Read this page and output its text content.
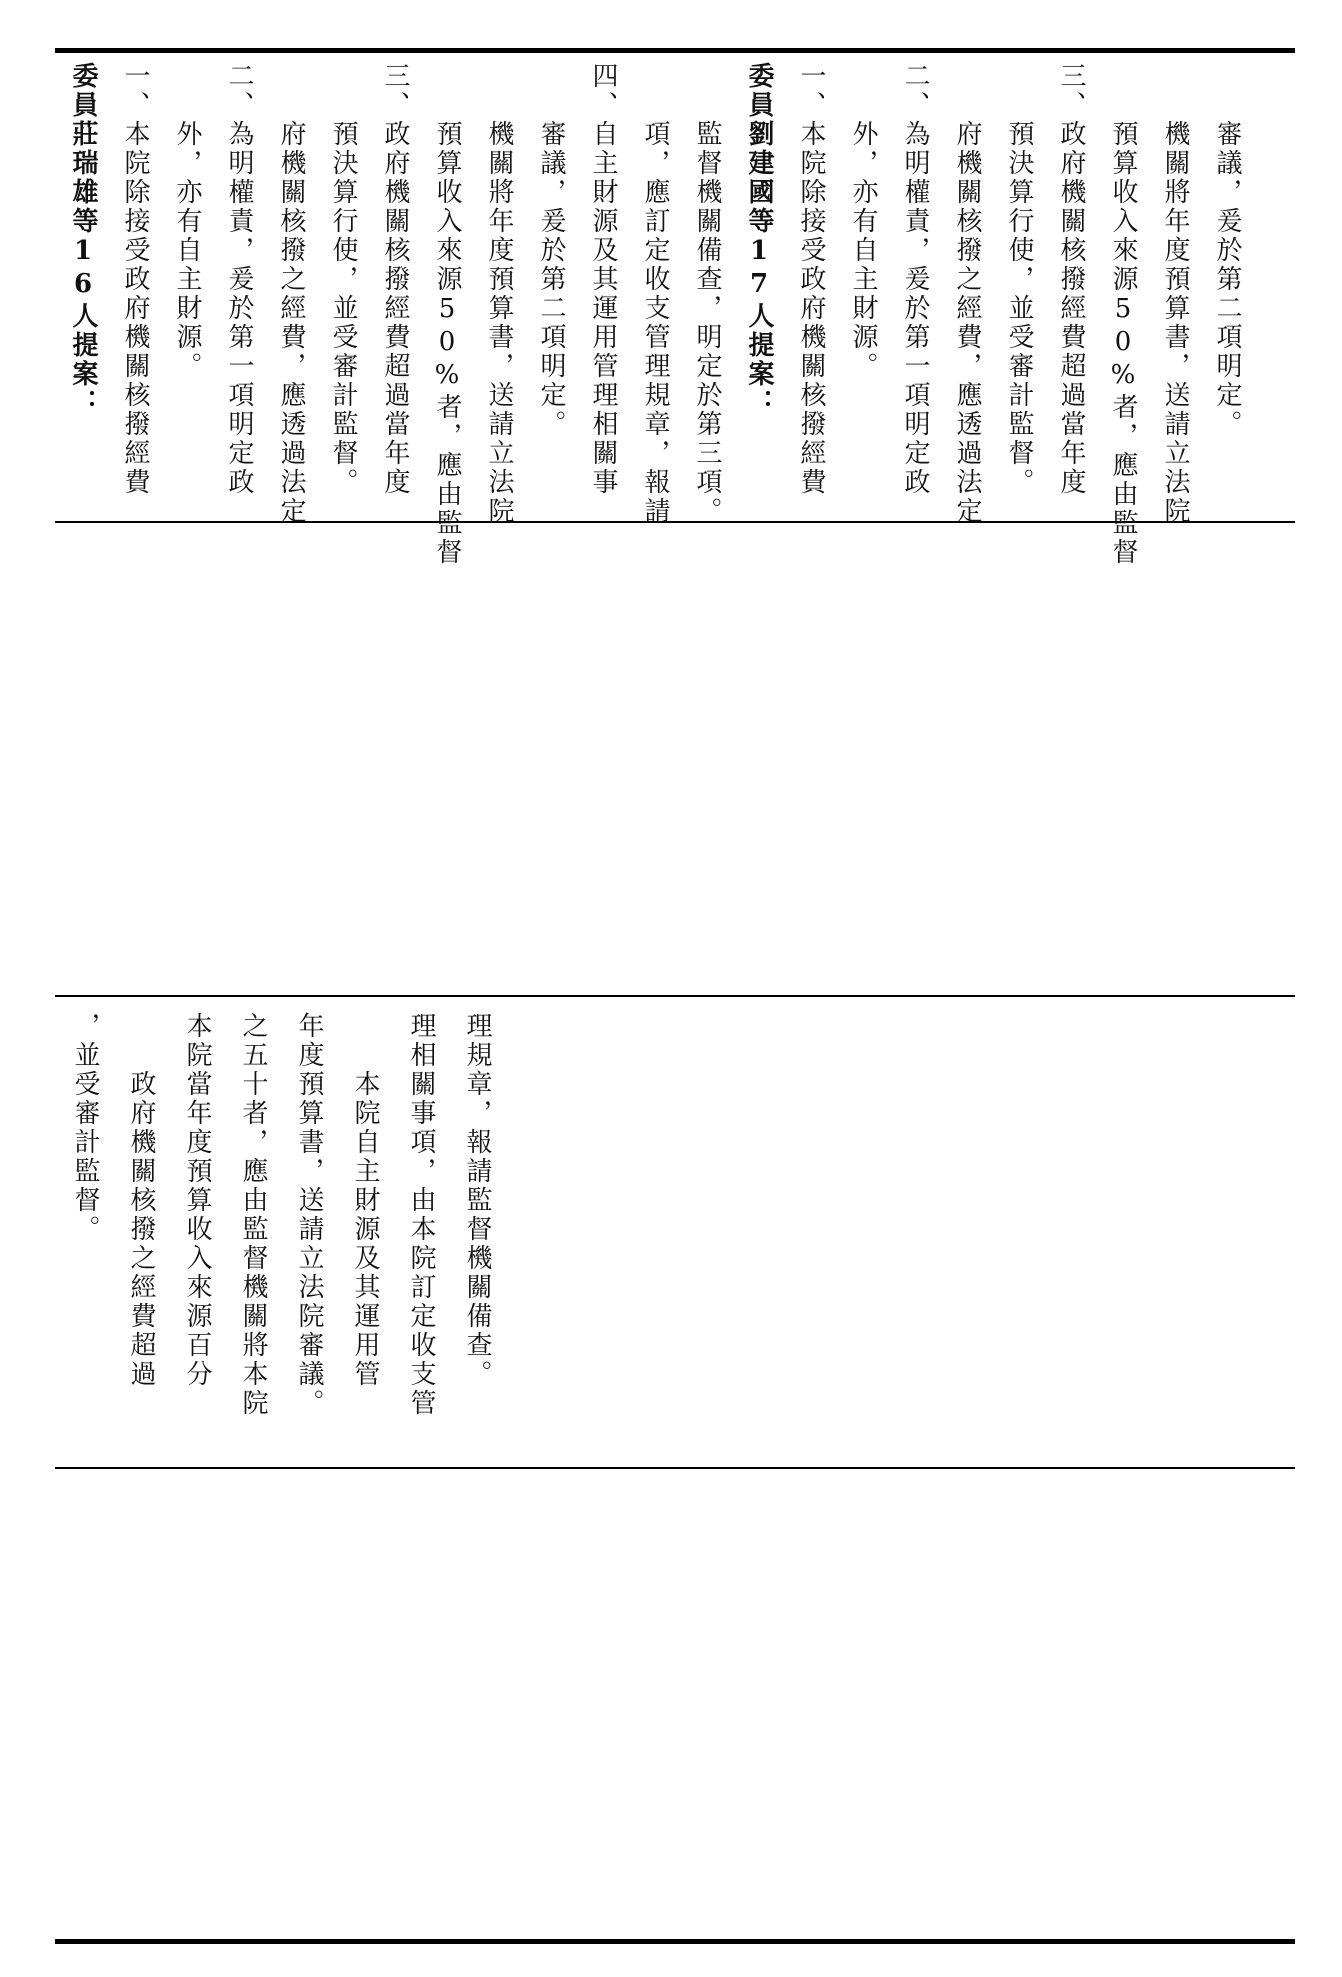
委員莊瑞雄等16人提案： 一、本院除接受政府機關核撥經費 外，亦有自主財源。 二、為明權責，爰於第一項明定政 府機關核撥之經費，應透過法定 預決算行使，並受審計監督。 三、政府機關核撥經費超過當年度 預算收入來源50%者，應由監督 機關將年度預算書，送請立法院 審議，爰於第二項明定。 四、自主財源及其運用管理相關事 項，應訂定收支管理規章，報請 監督機關備查，明定於第三項。 委員劉建國等17人提案： 一、本院除接受政府機關核撥經費 外，亦有自主財源。 二、為明權責，爰於第一項明定政 府機關核撥之經費，應透過法定 預決算行使，並受審計監督。 三、政府機關核撥經費超過當年度 預算收入來源50%者，應由監督 機關將年度預算書，送請立法院 審議，爰於第二項明定。
，並受審計監督。 　　政府機關核撥之經費超過 本院當年度預算收入來源百分 之五十者，應由監督機關將本院 年度預算書，送請立法院審議。 　　本院自主財源及其運用管 理相關事項，由本院訂定收支管 理規章，報請監督機關備查。
